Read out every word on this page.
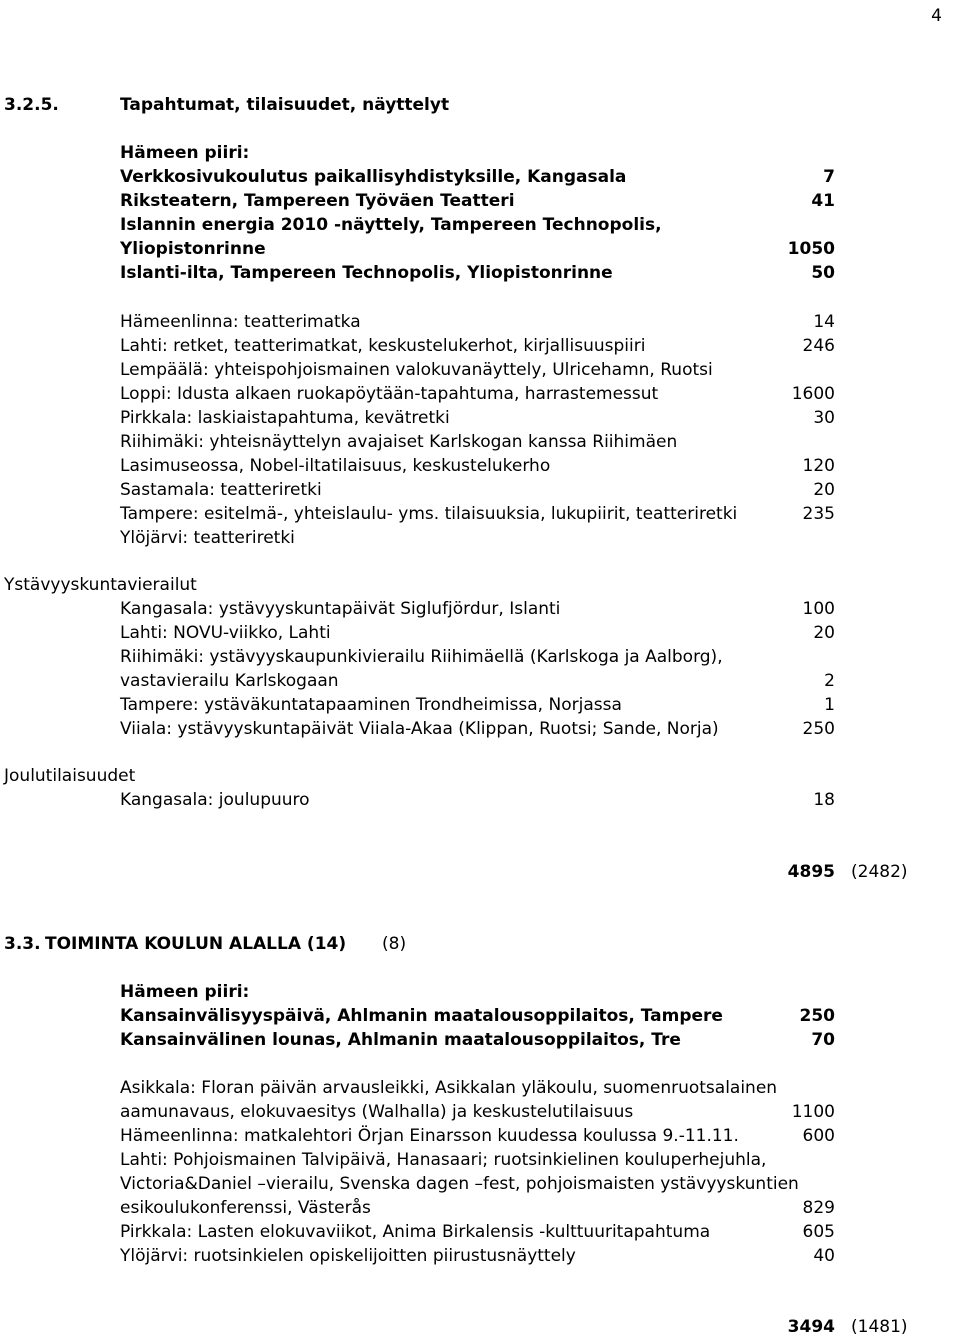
4
3.2.5.	Tapahtumat, tilaisuudet, näyttelyt
Hämeen piiri:
Verkkosivukoulutus paikallisyhdistyksille, Kangasala	7
Riksteatern, Tampereen Työväen Teatteri	41
Islannin energia 2010 -näyttely, Tampereen Technopolis,
Yliopistonrinne	1050
Islanti-ilta, Tampereen Technopolis, Yliopistonrinne	50
Hämeenlinna: teatterimatka	14
Lahti: retket, teatterimatkat, keskustelukerhot, kirjallisuuspiiri	246
Lempäälä: yhteispohjoismainen valokuvanäyttely, Ulricehamn, Ruotsi
Loppi: Idusta alkaen ruokapöytään-tapahtuma, harrastemessut	1600
Pirkkala: laskiaistapahtuma, kevätretki	30
Riihimäki: yhteisnäyttelyn avajaiset Karlskogan kanssa Riihimäen
Lasimuseossa, Nobel-iltatilaisuus, keskustelukerho	120
Sastamala: teatteriretki	20
Tampere: esitelmä-, yhteislaulu- yms. tilaisuuksia, lukupiirit, teatteriretki	235
Ylöjärvi: teatteriretki
Ystävyyskuntavierailut
Kangasala: ystävyyskuntapäivät Siglufjördur, Islanti	100
Lahti: NOVU-viikko, Lahti	20
Riihimäki: ystävyyskaupunkivierailu Riihimäellä (Karlskoga ja Aalborg),
vastavierailu Karlskogaan	2
Tampere: ystäväkuntatapaaminen Trondheimissa, Norjassa	1
Viiala: ystävyyskuntapäivät Viiala-Akaa (Klippan, Ruotsi; Sande, Norja)	250
Joulutilaisuudet
Kangasala: joulupuuro	18
4895 (2482)
3.3. TOIMINTA KOULUN ALALLA (14) (8)
Hämeen piiri:
Kansainvälisyyspäivä, Ahlmanin maatalousoppilaitos, Tampere	250
Kansainvälinen lounas, Ahlmanin maatalousoppilaitos, Tre	70
Asikkala: Floran päivän arvausleikki, Asikkalan yläkoulu, suomenruotsalainen
aamunavaus, elokuvaesitys (Walhalla) ja keskustelutilaisuus	1100
Hämeenlinna: matkalehtori Örjan Einarsson kuudessa koulussa 9.-11.11.	600
Lahti: Pohjoismainen Talvipäivä, Hanasaari; ruotsinkielinen kouluperhejuhla,
Victoria&Daniel –vierailu, Svenska dagen –fest, pohjoismaisten ystävyyskuntien
esikoulukonferenssi, Västerås	829
Pirkkala: Lasten elokuvaviikot, Anima Birkalensis -kulttuuritapahtuma	605
Ylöjärvi: ruotsinkielen opiskelijoitten piirustusnäyttely	40
3494 (1481)
